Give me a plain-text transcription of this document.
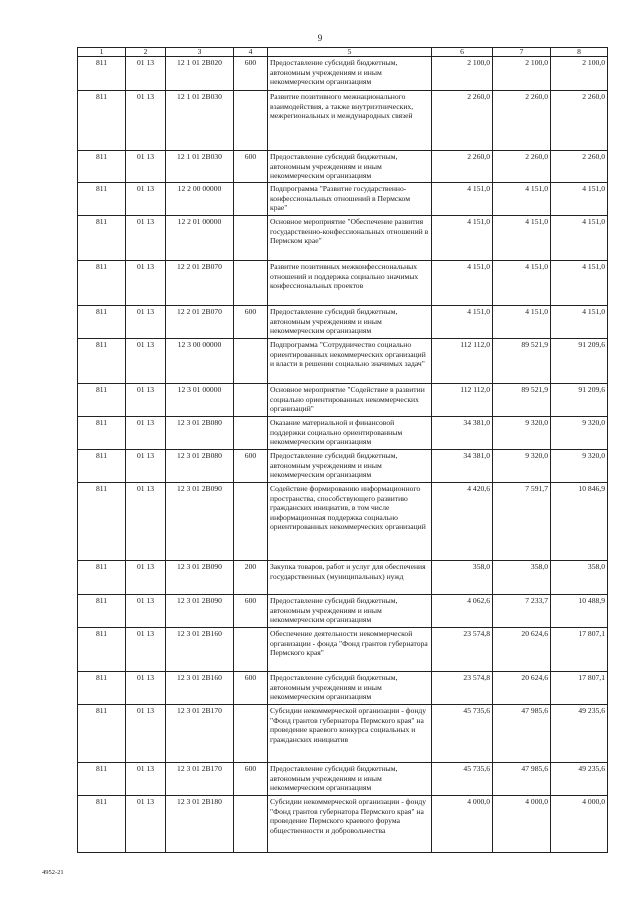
9
1	2	3	4	5	6	7	8
811	01 13	12 1 01 2В020	600	Предоставление субсидий бюджетным, автономным учреждениям и иным некоммерческим организациям	2 100,0	2 100,0	2 100,0
811	01 13	12 1 01 2В030		Развитие позитивного межнационального взаимодействия, а также внутриэтнических, межрегиональных и международных связей	2 260,0	2 260,0	2 260,0
811	01 13	12 1 01 2В030	600	Предоставление субсидий бюджетным, автономным учреждениям и иным некоммерческим организациям	2 260,0	2 260,0	2 260,0
811	01 13	12 2 00 00000		Подпрограмма "Развитие государственно-конфессиональных отношений в Пермском крае"	4 151,0	4 151,0	4 151,0
811	01 13	12 2 01 00000		Основное мероприятие "Обеспечение развития государственно-конфессиональных отношений в Пермском крае"	4 151,0	4 151,0	4 151,0
811	01 13	12 2 01 2В070		Развитие позитивных межконфессиональных отношений и поддержка социально значимых конфессиональных проектов	4 151,0	4 151,0	4 151,0
811	01 13	12 2 01 2В070	600	Предоставление субсидий бюджетным, автономным учреждениям и иным некоммерческим организациям	4 151,0	4 151,0	4 151,0
811	01 13	12 3 00 00000		Подпрограмма "Сотрудничество социально ориентированных некоммерческих организаций и власти в решении социально значимых задач"	112 112,0	89 521,9	91 209,6
811	01 13	12 3 01 00000		Основное мероприятие "Содействие в развитии социально ориентированных некоммерческих организаций"	112 112,0	89 521,9	91 209,6
811	01 13	12 3 01 2В080		Оказание материальной и финансовой поддержки социально ориентированным некоммерческим организациям	34 381,0	9 320,0	9 320,0
811	01 13	12 3 01 2В080	600	Предоставление субсидий бюджетным, автономным учреждениям и иным некоммерческим организациям	34 381,0	9 320,0	9 320,0
811	01 13	12 3 01 2В090		Содействие формированию информационного пространства, способствующего развитию гражданских инициатив, в том числе информационная поддержка социально ориентированных некоммерческих организаций	4 420,6	7 591,7	10 846,9
811	01 13	12 3 01 2В090	200	Закупка товаров, работ и услуг для обеспечения государственных (муниципальных) нужд	358,0	358,0	358,0
811	01 13	12 3 01 2В090	600	Предоставление субсидий бюджетным, автономным учреждениям и иным некоммерческим организациям	4 062,6	7 233,7	10 488,9
811	01 13	12 3 01 2В160		Обеспечение деятельности некоммерческой организации - фонда "Фонд грантов губернатора Пермского края"	23 574,8	20 624,6	17 807,1
811	01 13	12 3 01 2В160	600	Предоставление субсидий бюджетным, автономным учреждениям и иным некоммерческим организациям	23 574,8	20 624,6	17 807,1
811	01 13	12 3 01 2В170		Субсидии некоммерческой организации - фонду "Фонд грантов губернатора Пермского края" на проведение краевого конкурса социальных и гражданских инициатив	45 735,6	47 985,6	49 235,6
811	01 13	12 3 01 2В170	600	Предоставление субсидий бюджетным, автономным учреждениям и иным некоммерческим организациям	45 735,6	47 985,6	49 235,6
811	01 13	12 3 01 2В180		Субсидии некоммерческой организации - фонду "Фонд грантов губернатора Пермского края" на проведение Пермского краевого форума общественности и добровольчества	4 000,0	4 000,0	4 000,0
4952-21
